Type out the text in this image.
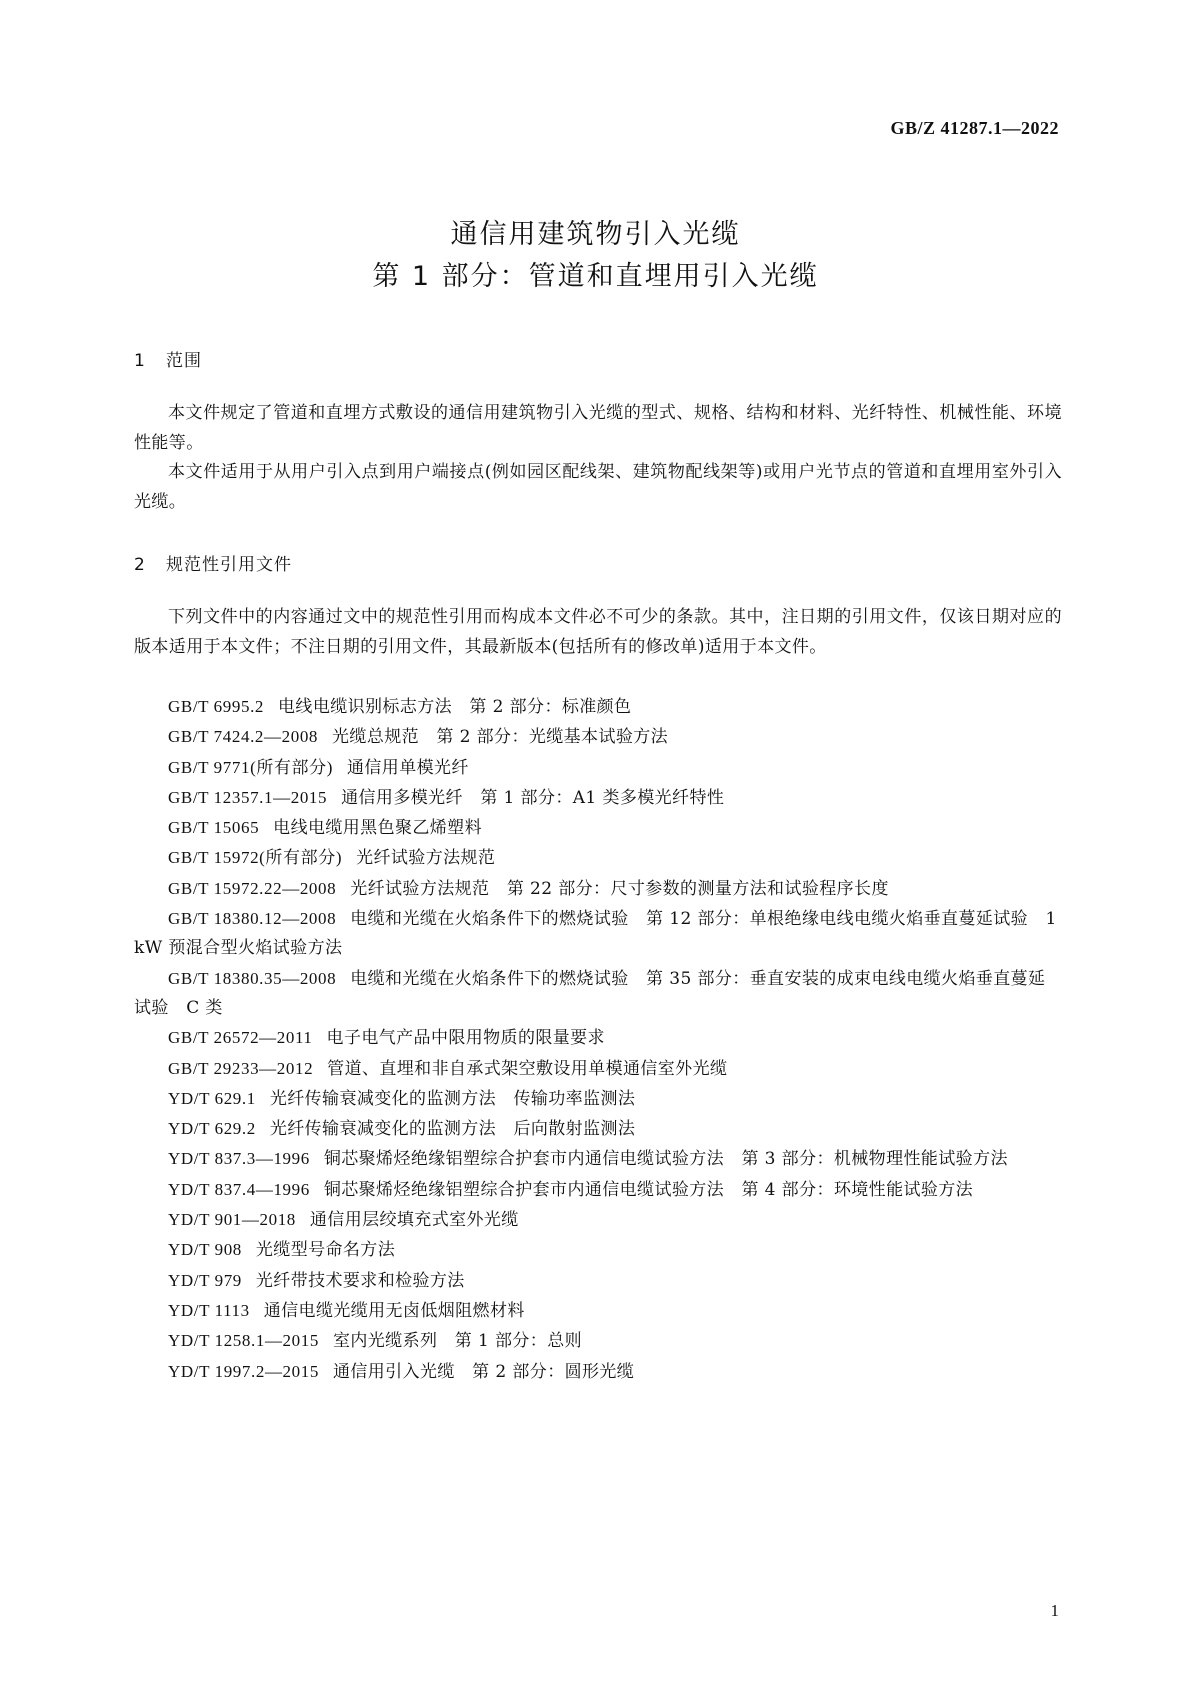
GB/Z 41287.1—2022
通信用建筑物引入光缆
第 1 部分：管道和直埋用引入光缆
1 范围

本文件规定了管道和直埋方式敷设的通信用建筑物引入光缆的型式、规格、结构和材料、光纤特性、机械性能、环境性能等。

本文件适用于从用户引入点到用户端接点(例如园区配线架、建筑物配线架等)或用户光节点的管道和直埋用室外引入光缆。

2 规范性引用文件

下列文件中的内容通过文中的规范性引用而构成本文件必不可少的条款。其中，注日期的引用文件，仅该日期对应的版本适用于本文件；不注日期的引用文件，其最新版本(包括所有的修改单)适用于本文件。

GB/T 6995.2 电线电缆识别标志方法　第 2 部分：标准颜色

GB/T 7424.2—2008 光缆总规范　第 2 部分：光缆基本试验方法

GB/T 9771(所有部分) 通信用单模光纤

GB/T 12357.1—2015 通信用多模光纤　第 1 部分：A1 类多模光纤特性

GB/T 15065 电线电缆用黑色聚乙烯塑料

GB/T 15972(所有部分) 光纤试验方法规范

GB/T 15972.22—2008 光纤试验方法规范　第 22 部分：尺寸参数的测量方法和试验程序长度

GB/T 18380.12—2008 电缆和光缆在火焰条件下的燃烧试验　第 12 部分：单根绝缘电线电缆火焰垂直蔓延试验　1 kW 预混合型火焰试验方法

GB/T 18380.35—2008 电缆和光缆在火焰条件下的燃烧试验　第 35 部分：垂直安装的成束电线电缆火焰垂直蔓延试验　C 类

GB/T 26572—2011 电子电气产品中限用物质的限量要求

GB/T 29233—2012 管道、直埋和非自承式架空敷设用单模通信室外光缆

YD/T 629.1 光纤传输衰减变化的监测方法　传输功率监测法

YD/T 629.2 光纤传输衰减变化的监测方法　后向散射监测法

YD/T 837.3—1996 铜芯聚烯烃绝缘铝塑综合护套市内通信电缆试验方法　第 3 部分：机械物理性能试验方法

YD/T 837.4—1996 铜芯聚烯烃绝缘铝塑综合护套市内通信电缆试验方法　第 4 部分：环境性能试验方法

YD/T 901—2018 通信用层绞填充式室外光缆

YD/T 908 光缆型号命名方法

YD/T 979 光纤带技术要求和检验方法

YD/T 1113 通信电缆光缆用无卤低烟阻燃材料

YD/T 1258.1—2015 室内光缆系列　第 1 部分：总则

YD/T 1997.2—2015 通信用引入光缆　第 2 部分：圆形光缆

1
